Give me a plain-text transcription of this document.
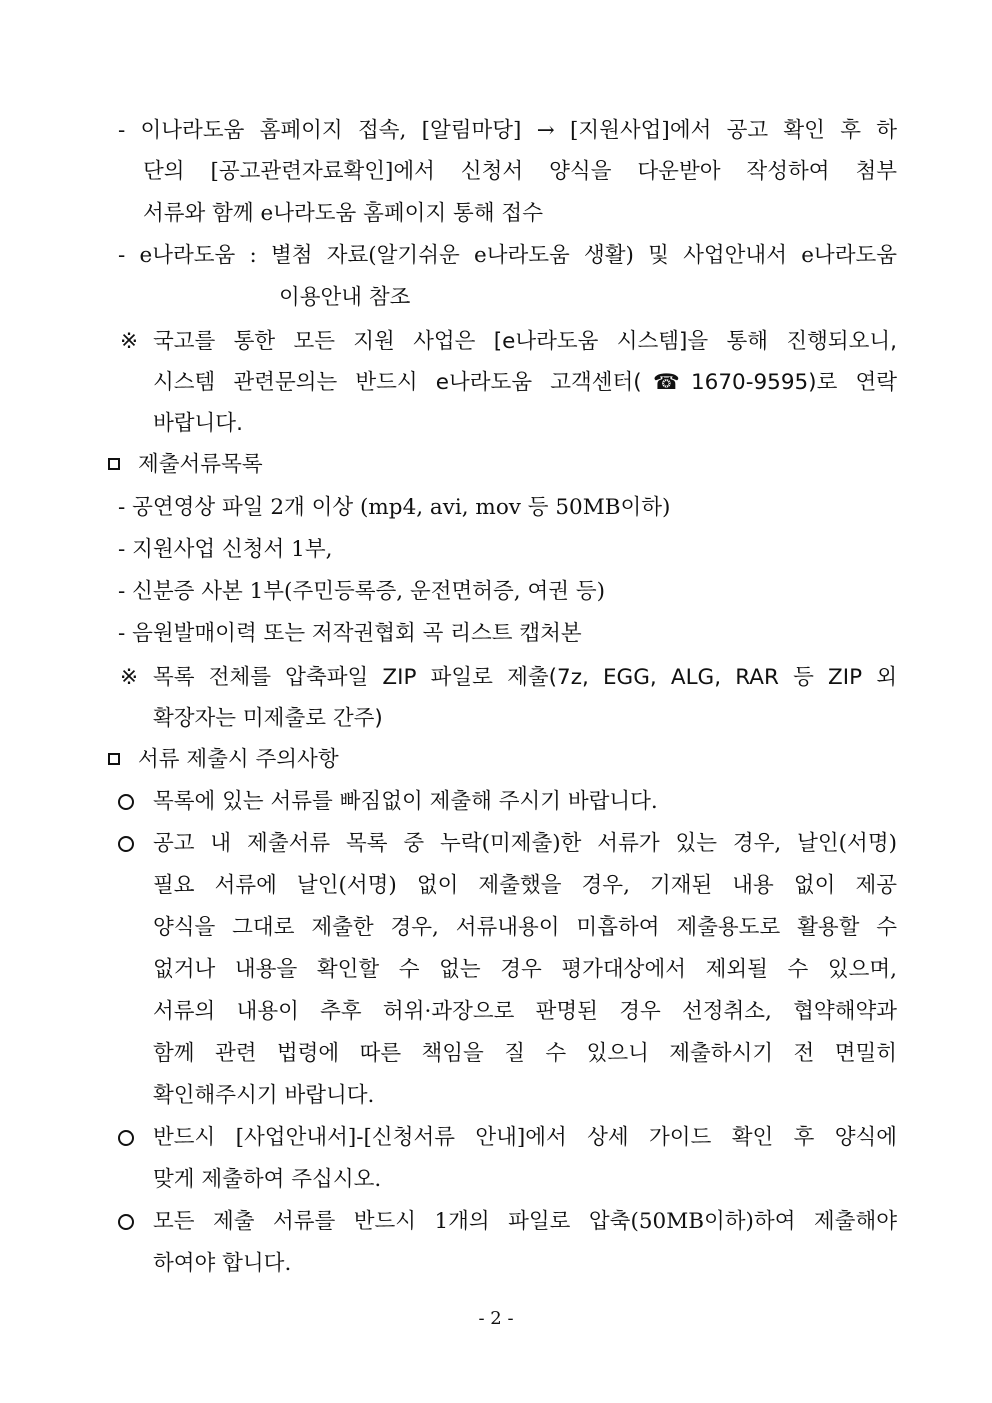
- 이나라도움 홈페이지 접속, [알림마당] → [지원사업]에서 공고 확인 후 하
단의 [공고관련자료확인]에서 신청서 양식을 다운받아 작성하여 첨부
서류와 함께 e나라도움 홈페이지 통해 접수
- e나라도움 : 별첨 자료(알기쉬운 e나라도움 생활) 및 사업안내서 e나라도움
이용안내 참조
※ 국고를 통한 모든 지원 사업은 [e나라도움 시스템]을 통해 진행되오니,
시스템 관련문의는 반드시 e나라도움 고객센터(☎1670-9595)로 연락
바랍니다.
제출서류목록
- 공연영상 파일 2개 이상 (mp4, avi, mov 등 50MB이하)
- 지원사업 신청서 1부,
- 신분증 사본 1부(주민등록증, 운전면허증, 여권 등)
- 음원발매이력 또는 저작권협회 곡 리스트 캡처본
※ 목록 전체를 압축파일 ZIP 파일로 제출(7z, EGG, ALG, RAR 등 ZIP 외
확장자는 미제출로 간주)
서류 제출시 주의사항
목록에 있는 서류를 빠짐없이 제출해 주시기 바랍니다.
공고 내 제출서류 목록 중 누락(미제출)한 서류가 있는 경우, 날인(서명)
필요 서류에 날인(서명) 없이 제출했을 경우, 기재된 내용 없이 제공
양식을 그대로 제출한 경우, 서류내용이 미흡하여 제출용도로 활용할 수
없거나 내용을 확인할 수 없는 경우 평가대상에서 제외될 수 있으며,
서류의 내용이 추후 허위·과장으로 판명된 경우 선정취소, 협약해약과
함께 관련 법령에 따른 책임을 질 수 있으니 제출하시기 전 면밀히
확인해주시기 바랍니다.
반드시 [사업안내서]-[신청서류 안내]에서 상세 가이드 확인 후 양식에
맞게 제출하여 주십시오.
모든 제출 서류를 반드시 1개의 파일로 압축(50MB이하)하여 제출해야
하여야 합니다.
- 2 -
